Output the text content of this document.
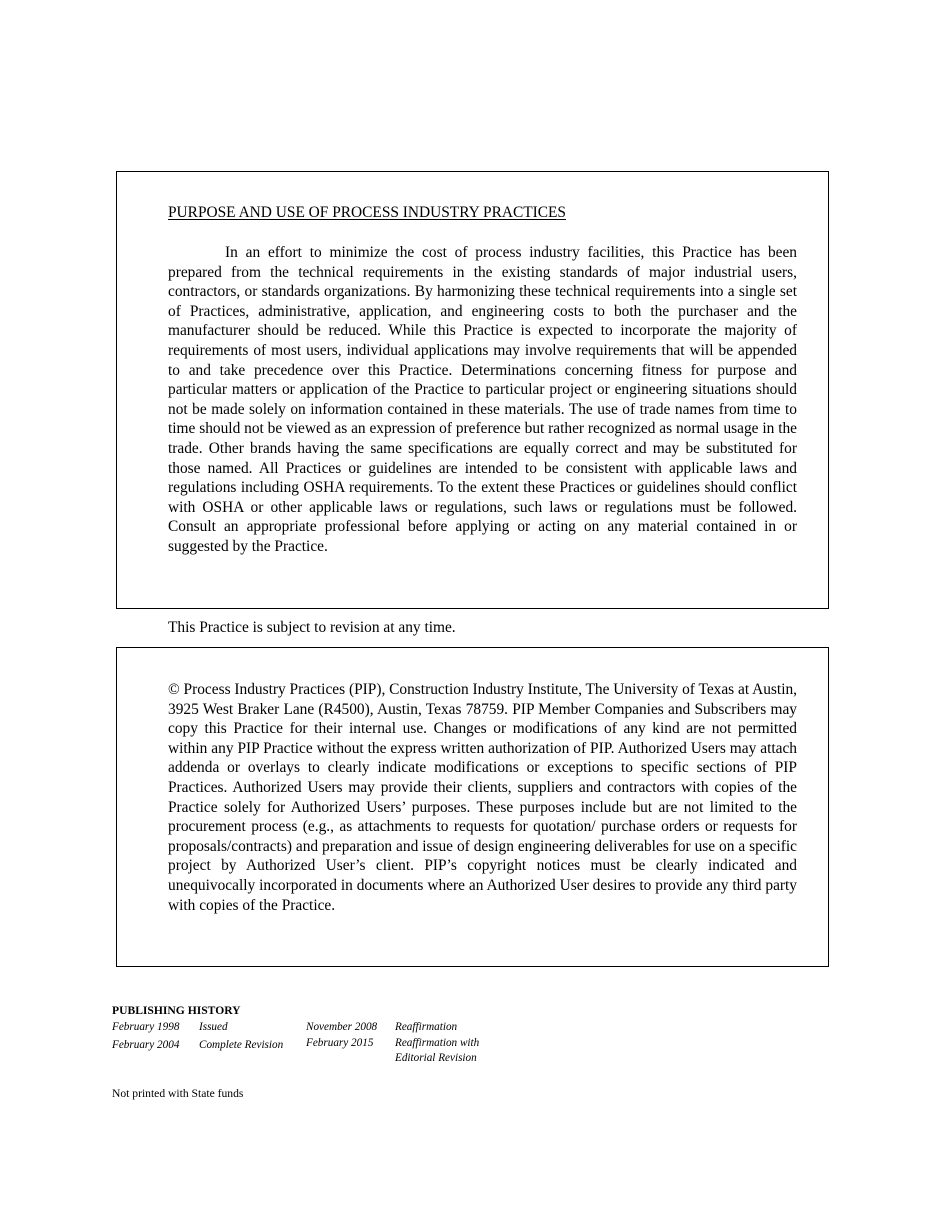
PURPOSE AND USE OF PROCESS INDUSTRY PRACTICES

In an effort to minimize the cost of process industry facilities, this Practice has been prepared from the technical requirements in the existing standards of major industrial users, contractors, or standards organizations. By harmonizing these technical requirements into a single set of Practices, administrative, application, and engineering costs to both the purchaser and the manufacturer should be reduced. While this Practice is expected to incorporate the majority of requirements of most users, individual applications may involve requirements that will be appended to and take precedence over this Practice. Determinations concerning fitness for purpose and particular matters or application of the Practice to particular project or engineering situations should not be made solely on information contained in these materials. The use of trade names from time to time should not be viewed as an expression of preference but rather recognized as normal usage in the trade. Other brands having the same specifications are equally correct and may be substituted for those named. All Practices or guidelines are intended to be consistent with applicable laws and regulations including OSHA requirements. To the extent these Practices or guidelines should conflict with OSHA or other applicable laws or regulations, such laws or regulations must be followed. Consult an appropriate professional before applying or acting on any material contained in or suggested by the Practice.

This Practice is subject to revision at any time.

© Process Industry Practices (PIP), Construction Industry Institute, The University of Texas at Austin, 3925 West Braker Lane (R4500), Austin, Texas 78759. PIP Member Companies and Subscribers may copy this Practice for their internal use. Changes or modifications of any kind are not permitted within any PIP Practice without the express written authorization of PIP. Authorized Users may attach addenda or overlays to clearly indicate modifications or exceptions to specific sections of PIP Practices. Authorized Users may provide their clients, suppliers and contractors with copies of the Practice solely for Authorized Users’ purposes. These purposes include but are not limited to the procurement process (e.g., as attachments to requests for quotation/ purchase orders or requests for proposals/contracts) and preparation and issue of design engineering deliverables for use on a specific project by Authorized User’s client. PIP’s copyright notices must be clearly indicated and unequivocally incorporated in documents where an Authorized User desires to provide any third party with copies of the Practice.

PUBLISHING HISTORY

February 1998 Issued
February 2004 Complete Revision
November 2008 Reaffirmation
February 2015 Reaffirmation with Editorial Revision

Not printed with State funds
